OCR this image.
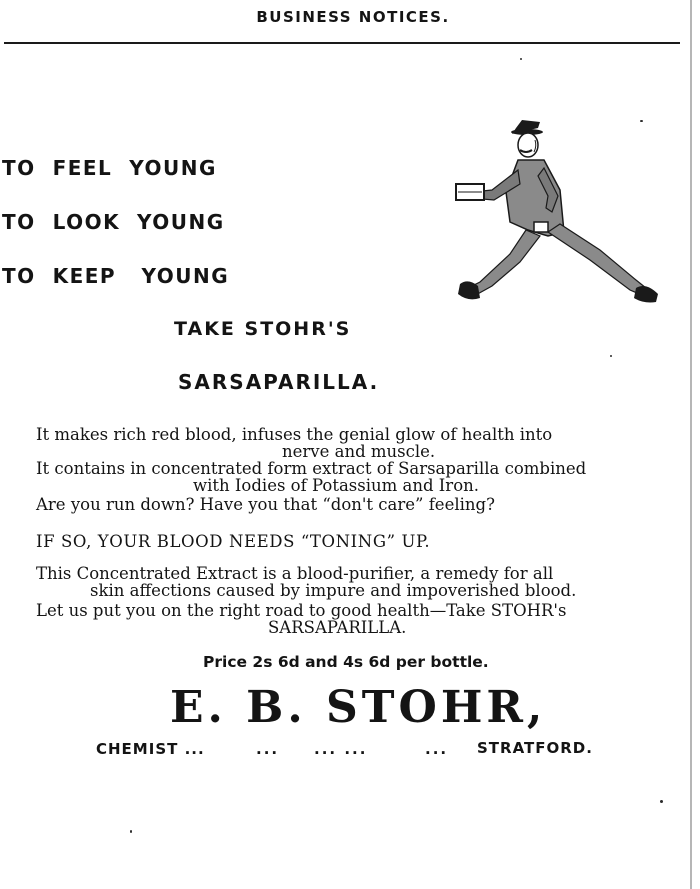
BUSINESS NOTICES.
TO  FEEL  YOUNG
TO  LOOK  YOUNG
TO  KEEP   YOUNG
TAKE STOHR'S
SARSAPARILLA.
It makes rich red blood, infuses the genial glow of health into
nerve and muscle.
It contains in concentrated form extract of Sarsaparilla combined
with Iodies of Potassium and Iron.
Are you run down? Have you that “don't care” feeling?
IF SO, YOUR BLOOD NEEDS “TONING” UP.
This Concentrated Extract is a blood-purifier, a remedy for all
skin affections caused by impure and impoverished blood.
Let us put you on the right road to good health—Take STOHR's
SARSAPARILLA.
Price 2s 6d and 4s 6d per bottle.
E. B. STOHR,
CHEMIST ...	... ... ...	... STRATFORD.
